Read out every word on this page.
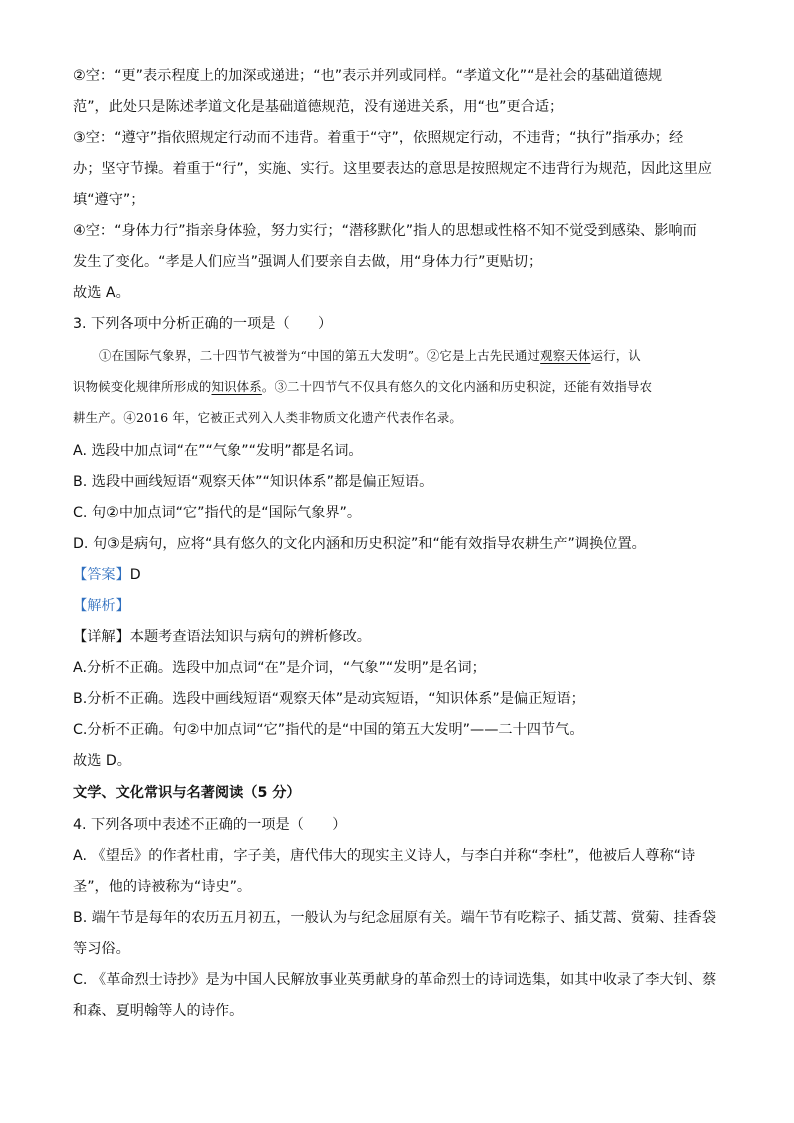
②空：“更”表示程度上的加深或递进；“也”表示并列或同样。“孝道文化”“是社会的基础道德规
范”，此处只是陈述孝道文化是基础道德规范，没有递进关系，用“也”更合适；
③空：“遵守”指依照规定行动而不违背。着重于“守”，依照规定行动，不违背；“执行”指承办；经
办；坚守节操。着重于“行”，实施、实行。这里要表达的意思是按照规定不违背行为规范，因此这里应
填“遵守”；
④空：“身体力行”指亲身体验，努力实行；“潜移默化”指人的思想或性格不知不觉受到感染、影响而
发生了变化。“孝是人们应当”强调人们要亲自去做，用“身体力行”更贴切；
故选 A。
3. 下列各项中分析正确的一项是（　　）
①在国际气象界，二十四节气被誉为“中国的第五大发明”。②它是上古先民通过观察天体运行，认
识物候变化规律所形成的知识体系。③二十四节气不仅具有悠久的文化内涵和历史积淀，还能有效指导农
耕生产。④2016 年，它被正式列入人类非物质文化遗产代表作名录。
A. 选段中加点词“在”“气象”“发明”都是名词。
B. 选段中画线短语“观察天体”“知识体系”都是偏正短语。
C. 句②中加点词“它”指代的是“国际气象界”。
D. 句③是病句，应将“具有悠久的文化内涵和历史积淀”和“能有效指导农耕生产”调换位置。
【答案】D
【解析】
【详解】本题考查语法知识与病句的辨析修改。
A.分析不正确。选段中加点词“在”是介词，“气象”“发明”是名词；
B.分析不正确。选段中画线短语“观察天体”是动宾短语，“知识体系”是偏正短语；
C.分析不正确。句②中加点词“它”指代的是“中国的第五大发明”——二十四节气。
故选 D。
文学、文化常识与名著阅读（5 分）
4. 下列各项中表述不正确的一项是（　　）
A. 《望岳》的作者杜甫，字子美，唐代伟大的现实主义诗人，与李白并称“李杜”，他被后人尊称“诗
圣”，他的诗被称为“诗史”。
B. 端午节是每年的农历五月初五，一般认为与纪念屈原有关。端午节有吃粽子、插艾蒿、赏菊、挂香袋
等习俗。
C. 《革命烈士诗抄》是为中国人民解放事业英勇献身的革命烈士的诗词选集，如其中收录了李大钊、蔡
和森、夏明翰等人的诗作。
